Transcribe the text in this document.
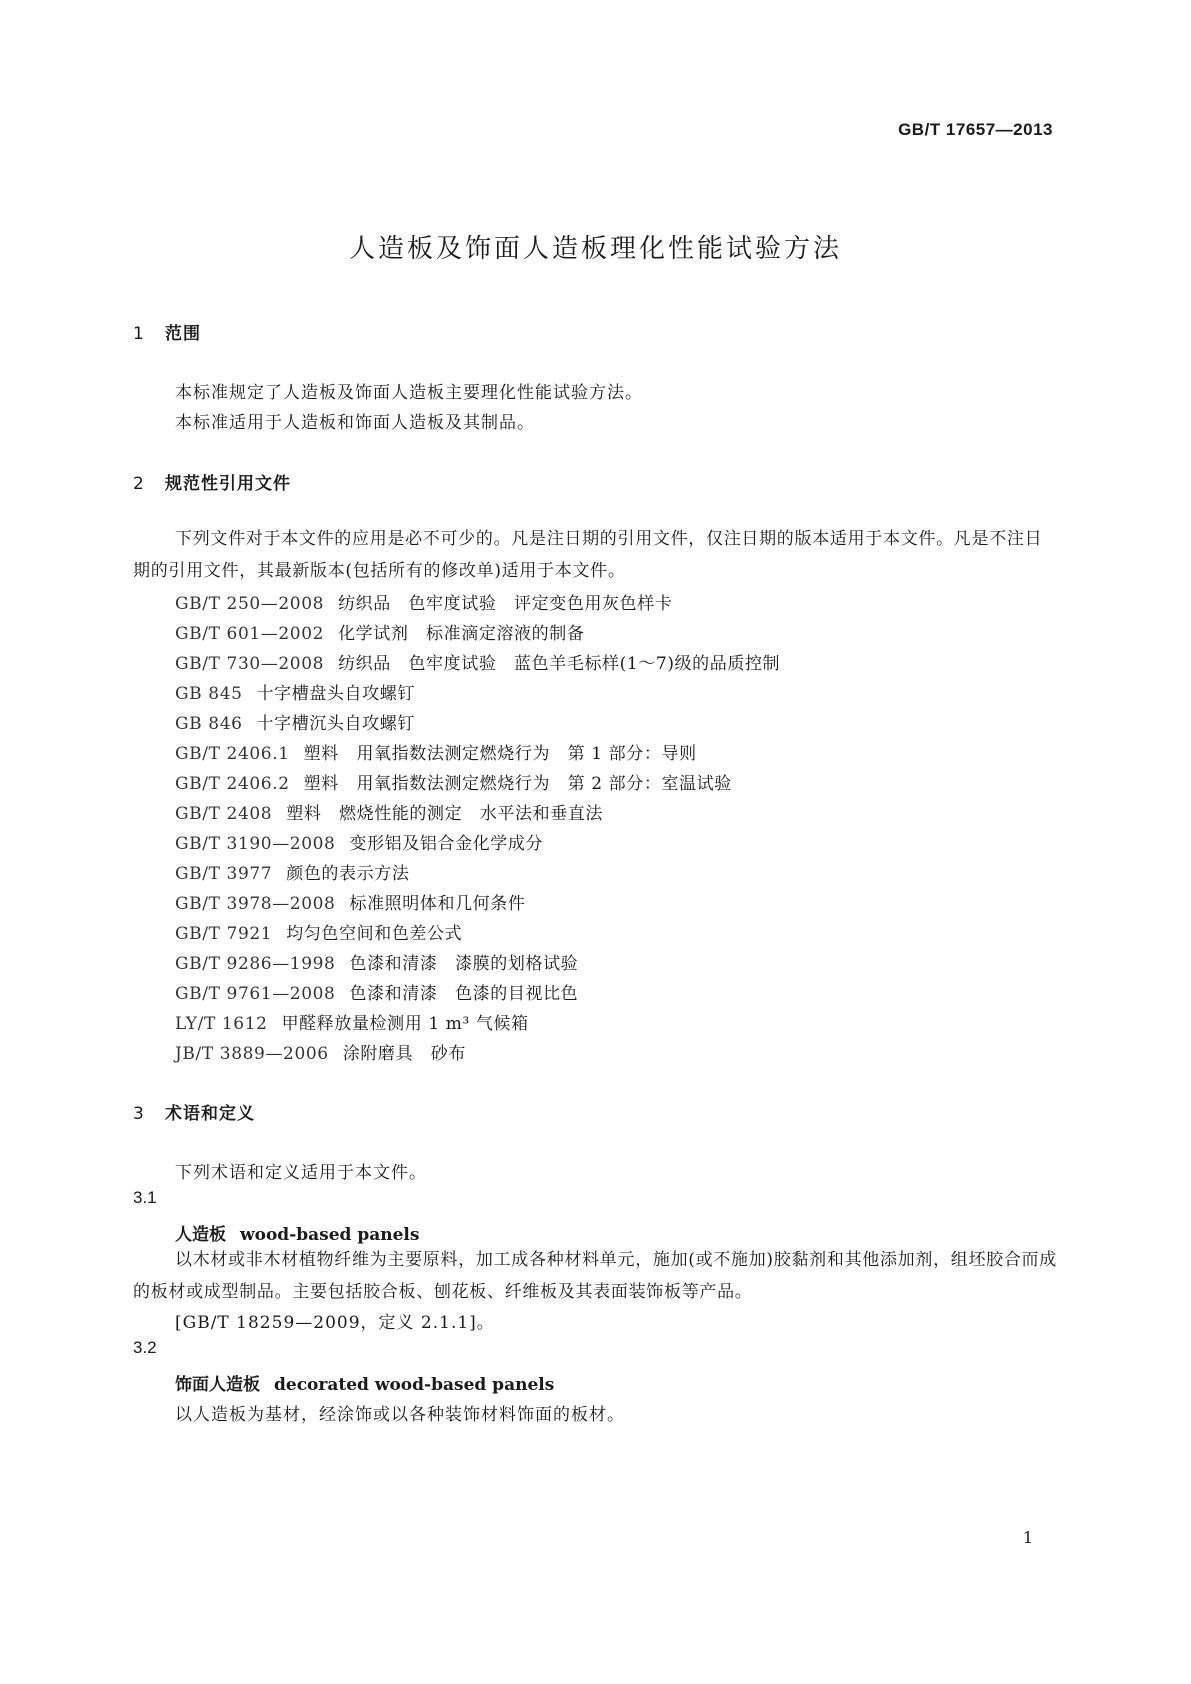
GB/T 17657—2013
人造板及饰面人造板理化性能试验方法
1 范围
本标准规定了人造板及饰面人造板主要理化性能试验方法。
本标准适用于人造板和饰面人造板及其制品。
2 规范性引用文件
下列文件对于本文件的应用是必不可少的。凡是注日期的引用文件，仅注日期的版本适用于本文件。凡是不注日期的引用文件，其最新版本(包括所有的修改单)适用于本文件。
GB/T 250—2008 纺织品　色牢度试验　评定变色用灰色样卡
GB/T 601—2002 化学试剂　标准滴定溶液的制备
GB/T 730—2008 纺织品　色牢度试验　蓝色羊毛标样(1～7)级的品质控制
GB 845 十字槽盘头自攻螺钉
GB 846 十字槽沉头自攻螺钉
GB/T 2406.1 塑料　用氧指数法测定燃烧行为　第 1 部分：导则
GB/T 2406.2 塑料　用氧指数法测定燃烧行为　第 2 部分：室温试验
GB/T 2408 塑料　燃烧性能的测定　水平法和垂直法
GB/T 3190—2008 变形铝及铝合金化学成分
GB/T 3977 颜色的表示方法
GB/T 3978—2008 标准照明体和几何条件
GB/T 7921 均匀色空间和色差公式
GB/T 9286—1998 色漆和清漆　漆膜的划格试验
GB/T 9761—2008 色漆和清漆　色漆的目视比色
LY/T 1612 甲醛释放量检测用 1 m³ 气候箱
JB/T 3889—2006 涂附磨具　砂布
3 术语和定义
下列术语和定义适用于本文件。
3.1
人造板 wood-based panels
以木材或非木材植物纤维为主要原料，加工成各种材料单元，施加(或不施加)胶黏剂和其他添加剂，组坯胶合而成的板材或成型制品。主要包括胶合板、刨花板、纤维板及其表面装饰板等产品。
[GB/T 18259—2009，定义 2.1.1]。
3.2
饰面人造板 decorated wood-based panels
以人造板为基材，经涂饰或以各种装饰材料饰面的板材。
1
